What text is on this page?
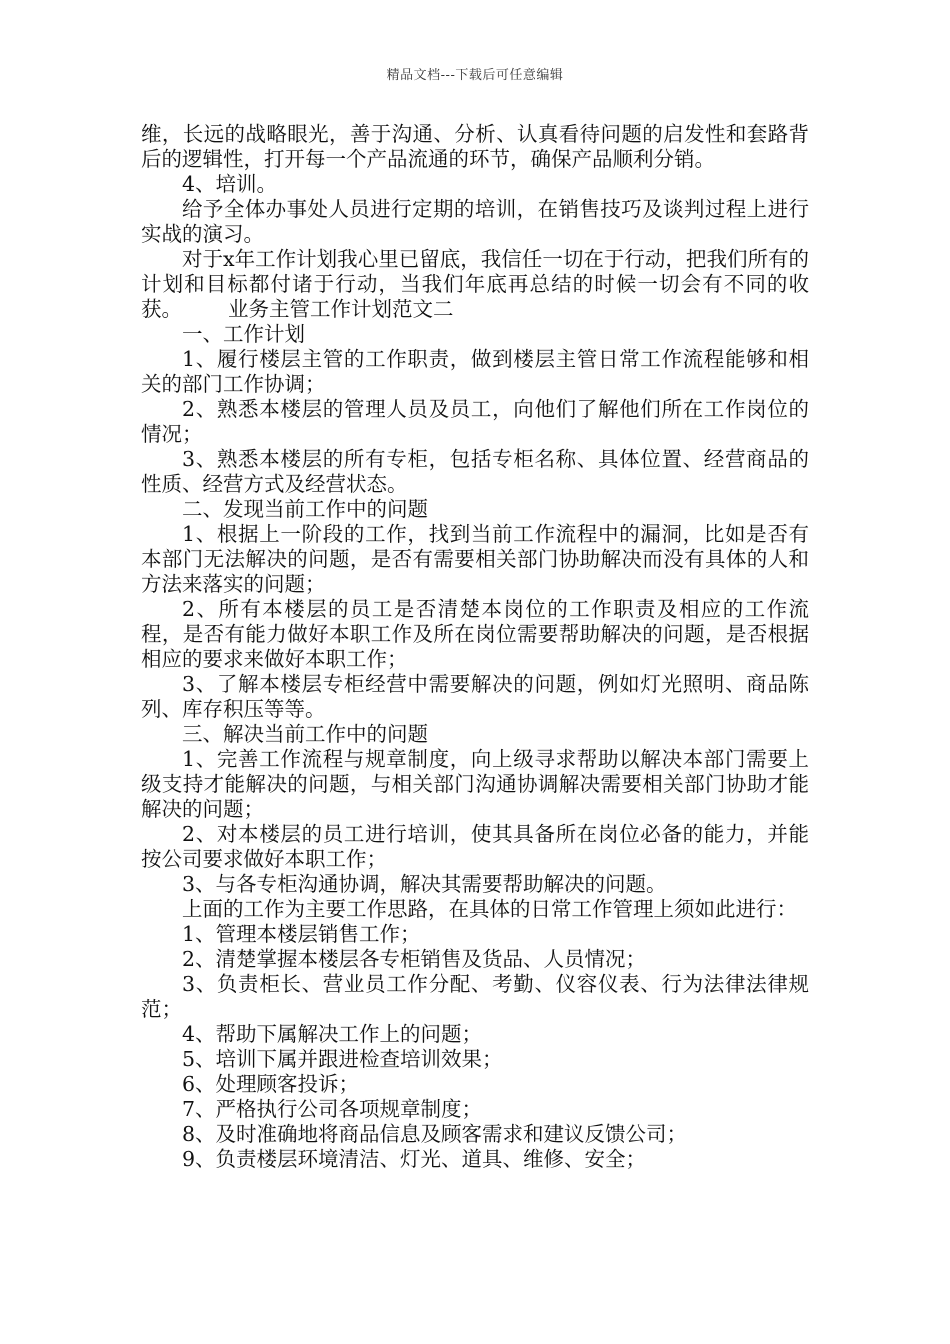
精品文档---下载后可任意编辑

维，长远的战略眼光，善于沟通、分析、认真看待问题的启发性和套路背后的逻辑性，打开每一个产品流通的环节，确保产品顺利分销。

4、培训。

给予全体办事处人员进行定期的培训，在销售技巧及谈判过程上进行实战的演习。

对于x年工作计划我心里已留底，我信任一切在于行动，把我们所有的计划和目标都付诸于行动，当我们年底再总结的时候一切会有不同的收获。 业务主管工作计划范文二

一、工作计划

1、履行楼层主管的工作职责，做到楼层主管日常工作流程能够和相关的部门工作协调；

2、熟悉本楼层的管理人员及员工，向他们了解他们所在工作岗位的情况；

3、熟悉本楼层的所有专柜，包括专柜名称、具体位置、经营商品的性质、经营方式及经营状态。

二、发现当前工作中的问题

1、根据上一阶段的工作，找到当前工作流程中的漏洞，比如是否有本部门无法解决的问题，是否有需要相关部门协助解决而没有具体的人和方法来落实的问题；

2、所有本楼层的员工是否清楚本岗位的工作职责及相应的工作流程，是否有能力做好本职工作及所在岗位需要帮助解决的问题，是否根据相应的要求来做好本职工作；

3、了解本楼层专柜经营中需要解决的问题，例如灯光照明、商品陈列、库存积压等等。

三、解决当前工作中的问题

1、完善工作流程与规章制度，向上级寻求帮助以解决本部门需要上级支持才能解决的问题，与相关部门沟通协调解决需要相关部门协助才能解决的问题；

2、对本楼层的员工进行培训，使其具备所在岗位必备的能力，并能按公司要求做好本职工作；

3、与各专柜沟通协调，解决其需要帮助解决的问题。

上面的工作为主要工作思路，在具体的日常工作管理上须如此进行：

1、管理本楼层销售工作；

2、清楚掌握本楼层各专柜销售及货品、人员情况；

3、负责柜长、营业员工作分配、考勤、仪容仪表、行为法律法律规范；

4、帮助下属解决工作上的问题；

5、培训下属并跟进检查培训效果；

6、处理顾客投诉；

7、严格执行公司各项规章制度；

8、及时准确地将商品信息及顾客需求和建议反馈公司；

9、负责楼层环境清洁、灯光、道具、维修、安全；
